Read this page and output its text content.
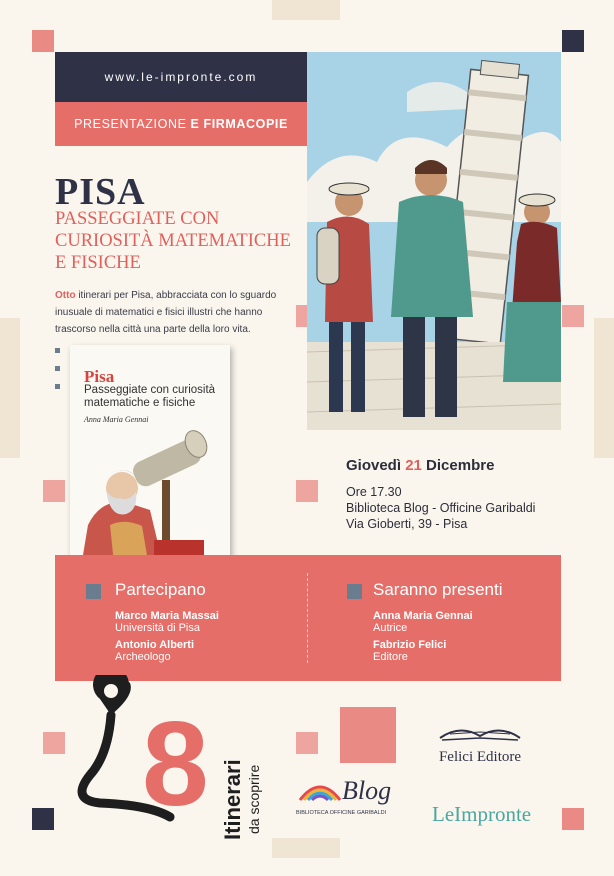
www.le-impronte.com
PRESENTAZIONE E FIRMACOPIE
PISA
PASSEGGIATE CON CURIOSITÀ MATEMATICHE E FISICHE
Otto itinerari per Pisa, abbracciata con lo sguardo
inusuale di matematici e fisici illustri che hanno
trascorso nella città una parte della loro vita.
Pisa
Passeggiate con curiosità matematiche e fisiche
Anna Maria Gennai
Giovedì 21 Dicembre
Ore 17.30
Biblioteca Blog - Officine Garibaldi
Via Gioberti, 39 - Pisa
Partecipano
Marco Maria Massai
Università di Pisa
Antonio Alberti
Archeologo
Saranno presenti
Anna Maria Gennai
Autrice
Fabrizio Felici
Editore
8 Itinerari da scoprire
Felici Editore
Blog
BIBLIOTECA OFFICINE GARIBALDI LeImpronte
